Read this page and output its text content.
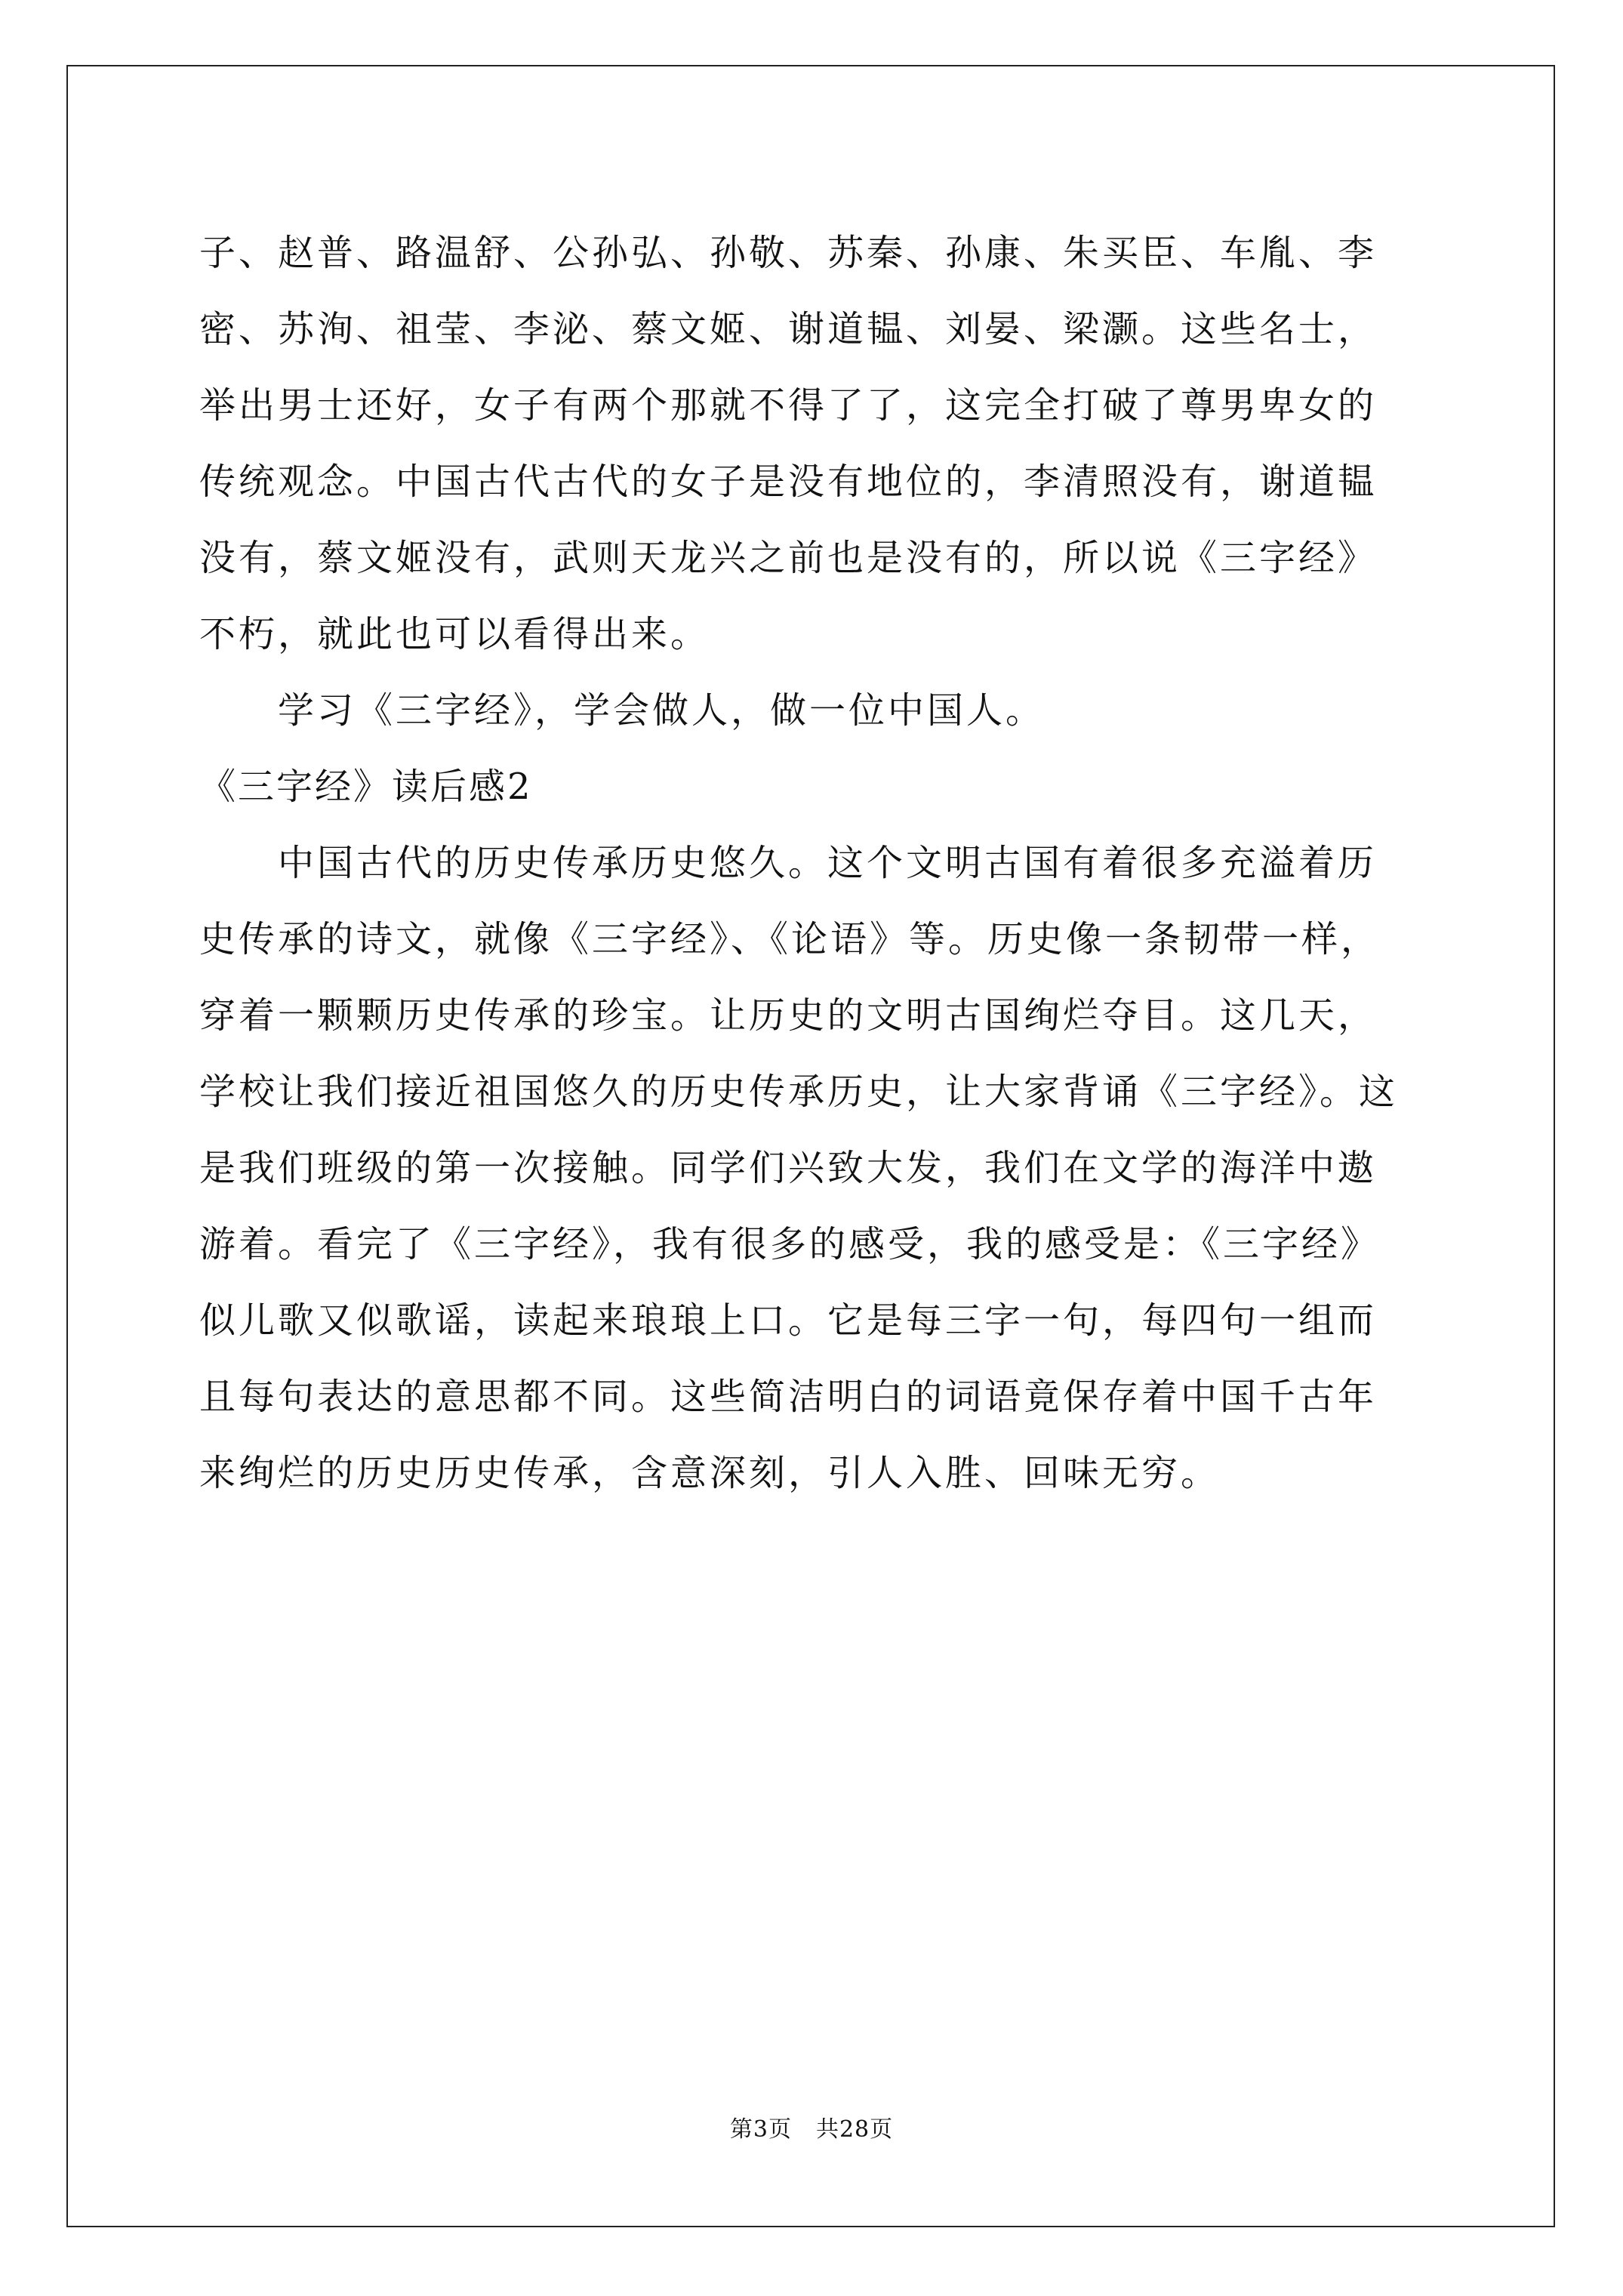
子、赵普、路温舒、公孙弘、孙敬、苏秦、孙康、朱买臣、车胤、李
密、苏洵、祖莹、李泌、蔡文姬、谢道韫、刘晏、梁灏。这些名士，
举出男士还好，女子有两个那就不得了了，这完全打破了尊男卑女的
传统观念。中国古代古代的女子是没有地位的，李清照没有，谢道韫
没有，蔡文姬没有，武则天龙兴之前也是没有的，所以说《三字经》
不朽，就此也可以看得出来。
学习《三字经》，学会做人，做一位中国人。
《三字经》读后感2
中国古代的历史传承历史悠久。这个文明古国有着很多充溢着历
史传承的诗文，就像《三字经》、《论语》等。历史像一条韧带一样，
穿着一颗颗历史传承的珍宝。让历史的文明古国绚烂夺目。这几天，
学校让我们接近祖国悠久的历史传承历史，让大家背诵《三字经》。这
是我们班级的第一次接触。同学们兴致大发，我们在文学的海洋中遨
游着。看完了《三字经》，我有很多的感受，我的感受是：《三字经》
似儿歌又似歌谣，读起来琅琅上口。它是每三字一句，每四句一组而
且每句表达的意思都不同。这些简洁明白的词语竟保存着中国千古年
来绚烂的历史历史传承，含意深刻，引人入胜、回味无穷。
第3页 共28页
